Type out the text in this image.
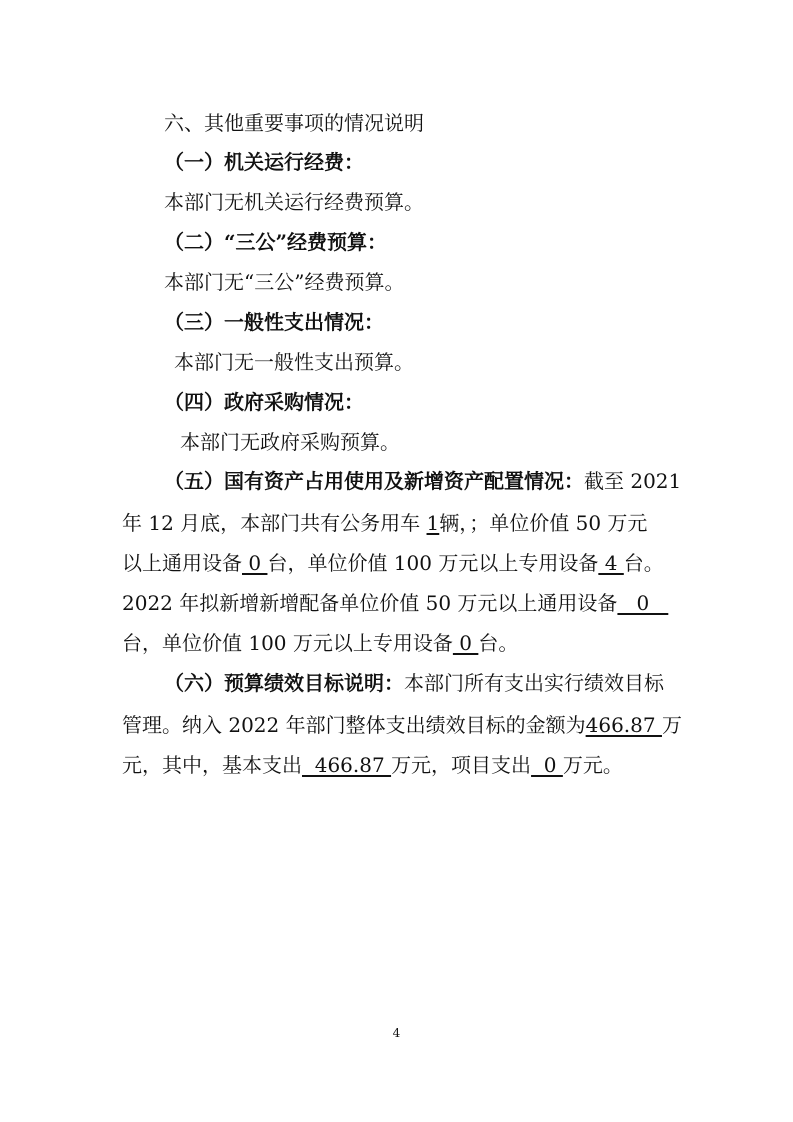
六、其他重要事项的情况说明
（一）机关运行经费：
本部门无机关运行经费预算。
（二）“三公”经费预算：
本部门无“三公”经费预算。
（三）一般性支出情况：
本部门无一般性支出预算。
（四）政府采购情况：
本部门无政府采购预算。
（五）国有资产占用使用及新增资产配置情况：截至 2021
年 12 月底，本部门共有公务用车 1辆，；单位价值 50 万元
以上通用设备 0 台，单位价值 100 万元以上专用设备 4 台。
2022 年拟新增新增配备单位价值 50 万元以上通用设备   0
台，单位价值 100 万元以上专用设备 0 台。
（六）预算绩效目标说明：本部门所有支出实行绩效目标
管理。纳入 2022 年部门整体支出绩效目标的金额为466.87 万
元，其中，基本支出  466.87 万元，项目支出  0 万元。
4
